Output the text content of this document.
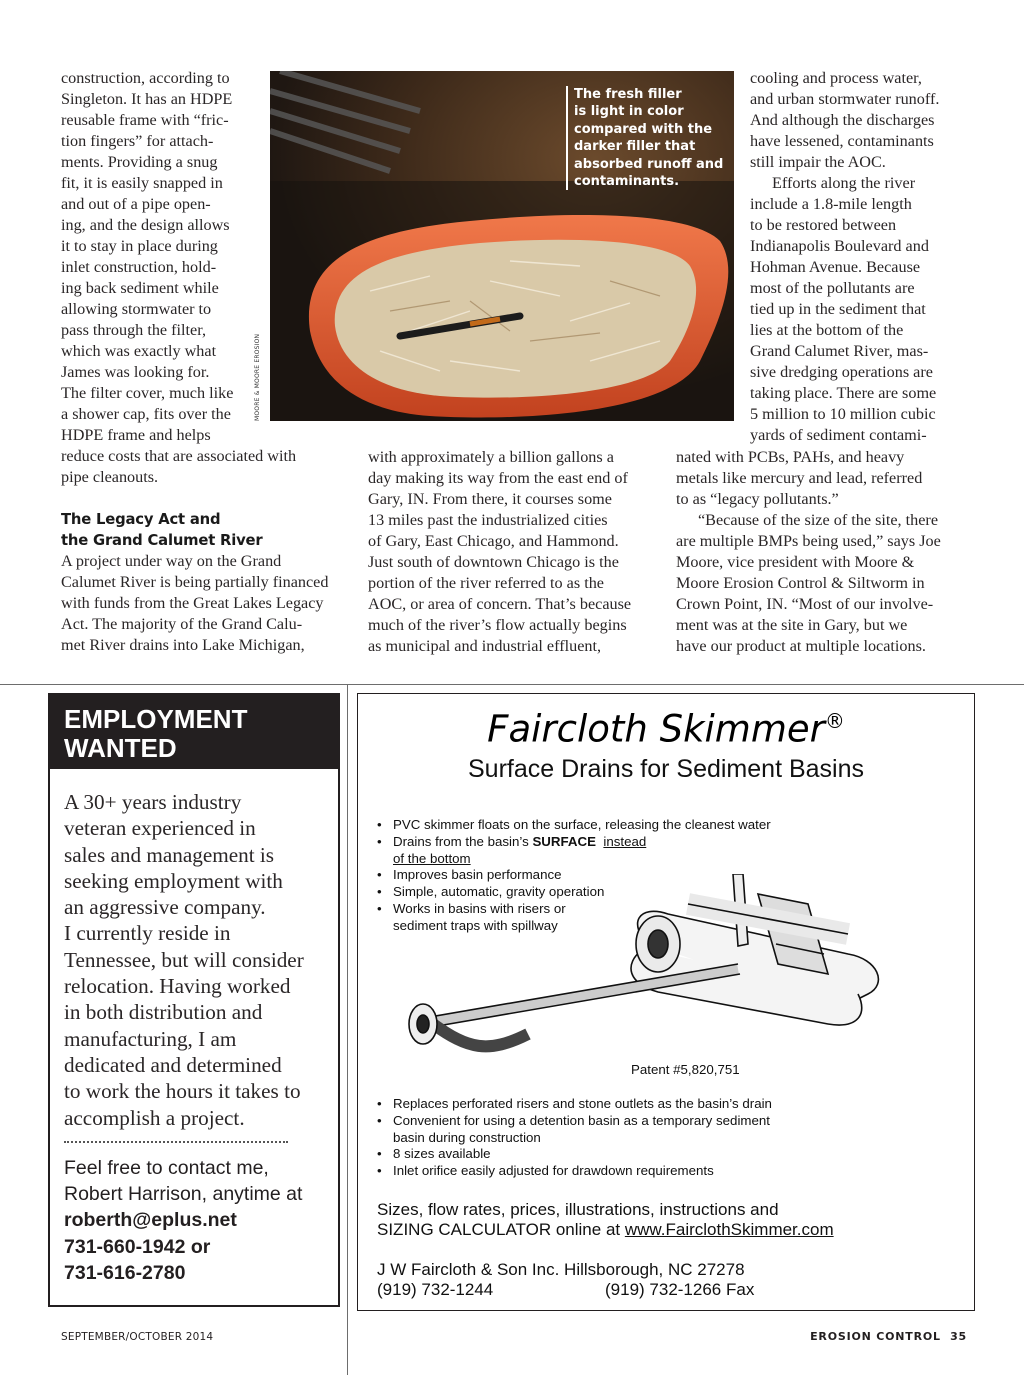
construction, according to
Singleton. It has an HDPE
reusable frame with “fric-
tion fingers” for attach-
ments. Providing a snug
fit, it is easily snapped in
and out of a pipe open-
ing, and the design allows
it to stay in place during
inlet construction, hold-
ing back sediment while
allowing stormwater to
pass through the filter,
which was exactly what
James was looking for.
The filter cover, much like
a shower cap, fits over the
HDPE frame and helps
reduce costs that are associated with
pipe cleanouts.
The Legacy Act and
the Grand Calumet River
A project under way on the Grand
Calumet River is being partially financed
with funds from the Great Lakes Legacy
Act. The majority of the Grand Calu-
met River drains into Lake Michigan,
with approximately a billion gallons a
day making its way from the east end of
Gary, IN. From there, it courses some
13 miles past the industrialized cities
of Gary, East Chicago, and Hammond.
Just south of downtown Chicago is the
portion of the river referred to as the
AOC, or area of concern. That’s because
much of the river’s flow actually begins
as municipal and industrial effluent,
cooling and process water,
and urban stormwater runoff.
And although the discharges
have lessened, contaminants
still impair the AOC.
Efforts along the river
include a 1.8-mile length
to be restored between
Indianapolis Boulevard and
Hohman Avenue. Because
most of the pollutants are
tied up in the sediment that
lies at the bottom of the
Grand Calumet River, mas-
sive dredging operations are
taking place. There are some
5 million to 10 million cubic
yards of sediment contami-
nated with PCBs, PAHs, and heavy
metals like mercury and lead, referred
to as “legacy pollutants.”
“Because of the size of the site, there
are multiple BMPs being used,” says Joe
Moore, vice president with Moore &
Moore Erosion Control & Siltworm in
Crown Point, IN. “Most of our involve-
ment was at the site in Gary, but we
have our product at multiple locations.
The fresh filler
is light in color
compared with the
darker filler that
absorbed runoff and
contaminants.
MOORE & MOORE EROSION
EMPLOYMENT
WANTED
A 30+ years industry
veteran experienced in
sales and management is
seeking employment with
an aggressive company.
I currently reside in
Tennessee, but will consider
relocation. Having worked
in both distribution and
manufacturing, I am
dedicated and determined
to work the hours it takes to
accomplish a project.
Feel free to contact me,
Robert Harrison, anytime at
roberth@eplus.net
731-660-1942 or
731-616-2780
Faircloth Skimmer®
Surface Drains for Sediment Basins
• PVC skimmer floats on the surface, releasing the cleanest water
• Drains from the basin’s SURFACE instead
of the bottom
• Improves basin performance
• Simple, automatic, gravity operation
• Works in basins with risers or
sediment traps with spillway
Patent #5,820,751
• Replaces perforated risers and stone outlets as the basin’s drain
• Convenient for using a detention basin as a temporary sediment
basin during construction
• 8 sizes available
• Inlet orifice easily adjusted for drawdown requirements
Sizes, flow rates, prices, illustrations, instructions and
SIZING CALCULATOR online at www.FairclothSkimmer.com
J W Faircloth & Son Inc. Hillsborough, NC 27278
(919) 732-1244	(919) 732-1266 Fax
SEPTEMBER/OCTOBER 2014	EROSION CONTROL 35
